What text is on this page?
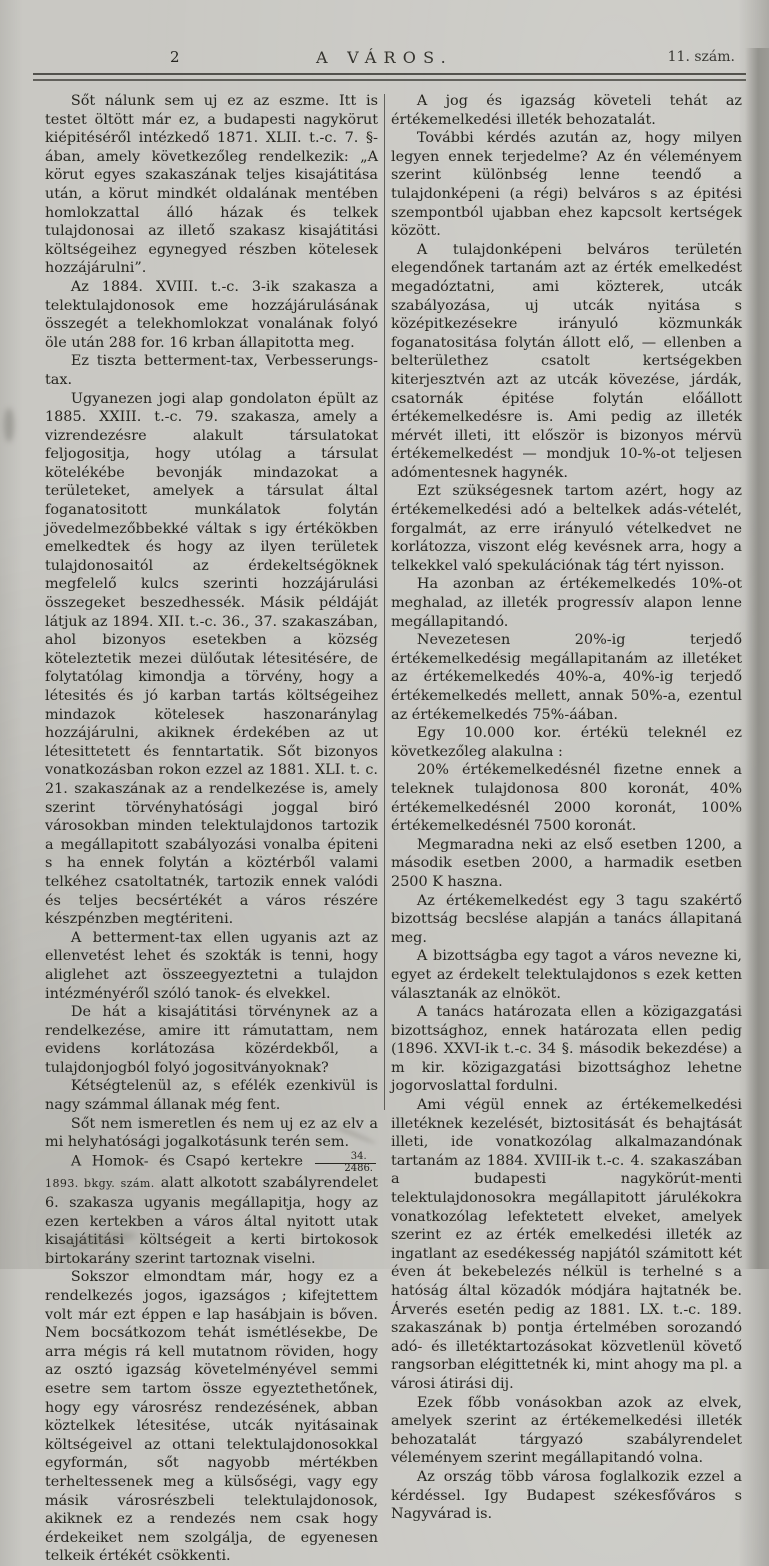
2	A VÁROS.	11. szám.

Sőt nálunk sem uj ez az eszme. Itt is testet öltött már ez, a budapesti nagykörut kiépitéséről intézkedő 1871. XLII. t.-c. 7. §-ában, amely következőleg rendelkezik: „A körut egyes szakaszának teljes kisajátitása után, a körut mindkét oldalának mentében homlokzattal álló házak és telkek tulajdonosai az illető szakasz kisajátitási költségeihez egynegyed részben kötelesek hozzájárulni”.

Az 1884. XVIII. t.-c. 3-ik szakasza a telektulajdonosok eme hozzájárulásának összegét a telekhomlokzat vonalának folyó öle után 288 for. 16 krban állapitotta meg.

Ez tiszta betterment-tax, Verbesserungs-tax.

Ugyanezen jogi alap gondolaton épült az 1885. XXIII. t.-c. 79. szakasza, amely a vizrendezésre alakult társulatokat feljogositja, hogy utólag a társulat kötelékébe bevonják mindazokat a területeket, amelyek a társulat által foganatositott munkálatok folytán jövedelmezőbbekké váltak s igy értékökben emelkedtek és hogy az ilyen területek tulajdonosaitól az érdekeltségöknek megfelelő kulcs szerinti hozzájárulási összegeket beszedhessék. Másik példáját látjuk az 1894. XII. t.-c. 36., 37. szakaszában, ahol bizonyos esetekben a község köteleztetik mezei dülőutak létesitésére, de folytatólag kimondja a törvény, hogy a létesités és jó karban tartás költségeihez mindazok kötelesek haszonaránylag hozzájárulni, akiknek érdekében az ut létesittetett és fenntartatik. Sőt bizonyos vonatkozásban rokon ezzel az 1881. XLI. t. c. 21. szakaszának az a rendelkezése is, amely szerint törvényhatósági joggal biró városokban minden telektulajdonos tartozik a megállapitott szabályozási vonalba épiteni s ha ennek folytán a köztérből valami telkéhez csatoltatnék, tartozik ennek valódi és teljes becsértékét a város részére készpénzben megtériteni.

A betterment-tax ellen ugyanis azt az ellenvetést lehet és szokták is tenni, hogy aliglehet azt összeegyeztetni a tulajdon intézményéről szóló tanok- és elvekkel.

De hát a kisajátitási törvénynek az a rendelkezése, amire itt rámutattam, nem evidens korlátozása közérdekből, a tulajdonjogból folyó jogositványoknak?

Kétségtelenül az, s efélék ezenkivül is nagy számmal állanak még fent.

Sőt nem ismeretlen és nem uj ez az elv a mi helyhatósági jogalkotásunk terén sem.

A Homok- és Csapó kertekre $\frac{34.}{2486.}$
1893. bkgy. szám. alatt alkotott szabályrendelet 6. szakasza ugyanis megállapitja, hogy az ezen kertekben a város által nyitott utak kisajátitási költségeit a kerti birtokosok birtokarány szerint tartoznak viselni.

Sokszor elmondtam már, hogy ez a rendelkezés jogos, igazságos ; kifejtettem volt már ezt éppen e lap hasábjain is bőven. Nem bocsátkozom tehát ismétlésekbe, De arra mégis rá kell mutatnom röviden, hogy az osztó igazság követelményével semmi esetre sem tartom össze egyeztethetőnek, hogy egy városrész rendezésének, abban köztelkek létesitése, utcák nyitásainak költségeivel az ottani telektulajdonosokkal egyformán, sőt nagyobb mértékben terheltessenek meg a külsőségi, vagy egy másik városrészbeli telektulajdonosok, akiknek ez a rendezés nem csak hogy érdekeiket nem szolgálja, de egyenesen telkeik értékét csökkenti.

A jog és igazság követeli tehát az értékemelkedési illeték behozatalát.

További kérdés azután az, hogy milyen legyen ennek terjedelme? Az én véleményem szerint különbség lenne teendő a tulajdonképeni (a régi) belváros s az épitési szempontból ujabban ehez kapcsolt kertségek között.

A tulajdonképeni belváros területén elegendőnek tartanám azt az érték emelkedést megadóztatni, ami közterek, utcák szabályozása, uj utcák nyitása s középitkezésekre irányuló közmunkák foganatositása folytán állott elő, — ellenben a belterülethez csatolt kertségekben kiterjesztvén azt az utcák kövezése, járdák, csatornák épitése folytán előállott értékemelkedésre is. Ami pedig az illeték mérvét illeti, itt először is bizonyos mérvü értékemelkedést — mondjuk 10-%-ot teljesen adómentesnek hagynék.

Ezt szükségesnek tartom azért, hogy az értékemelkedési adó a beltelkek adás-vételét, forgalmát, az erre irányuló vételkedvet ne korlátozza, viszont elég kevésnek arra, hogy a telkekkel való spekulációnak tág tért nyisson.

Ha azonban az értékemelkedés 10%-ot meghalad, az illeték progressív alapon lenne megállapitandó.

Nevezetesen 20%-ig terjedő értékemelkedésig megállapitanám az illetéket az értékemelkedés 40%-a, 40%-ig terjedő értékemelkedés mellett, annak 50%-a, ezentul az értékemelkedés 75%-áában.

Egy 10.000 kor. értékü teleknél ez következőleg alakulna :

20% értékemelkedésnél fizetne ennek a teleknek tulajdonosa 800 koronát, 40% értékemelkedésnél 2000 koronát, 100% értékemelkedésnél 7500 koronát.

Megmaradna neki az első esetben 1200, a második esetben 2000, a harmadik esetben 2500 K haszna.

Az értékemelkedést egy 3 tagu szakértő bizottság becslése alapján a tanács állapitaná meg.

A bizottságba egy tagot a város nevezne ki, egyet az érdekelt telektulajdonos s ezek ketten választanák az elnököt.

A tanács határozata ellen a közigazgatási bizottsághoz, ennek határozata ellen pedig (1896. XXVI-ik t.-c. 34 §. második bekezdése) a m kir. közigazgatási bizottsághoz lehetne jogorvoslattal fordulni.

Ami végül ennek az értékemelkedési illetéknek kezelését, biztositását és behajtását illeti, ide vonatkozólag alkalmazandónak tartanám az 1884. XVIII-ik t.-c. 4. szakaszában a budapesti nagykörút-menti telektulajdonosokra megállapitott járulékokra vonatkozólag lefektetett elveket, amelyek szerint ez az érték emelkedési illeték az ingatlant az esedékesség napjától számitott két éven át bekebelezés nélkül is terhelné s a hatóság által közadók módjára hajtatnék be. Árverés esetén pedig az 1881. LX. t.-c. 189. szakaszának b) pontja értelmében sorozandó adó- és illetéktartozásokat közvetlenül követő rangsorban elégittetnék ki, mint ahogy ma pl. a városi átirási dij.

Ezek főbb vonásokban azok az elvek, amelyek szerint az értékemelkedési illeték behozatalát tárgyazó szabályrendelet véleményem szerint megállapitandó volna.

Az ország több városa foglalkozik ezzel a kérdéssel. Igy Budapest székesfőváros s Nagyvárad is.
